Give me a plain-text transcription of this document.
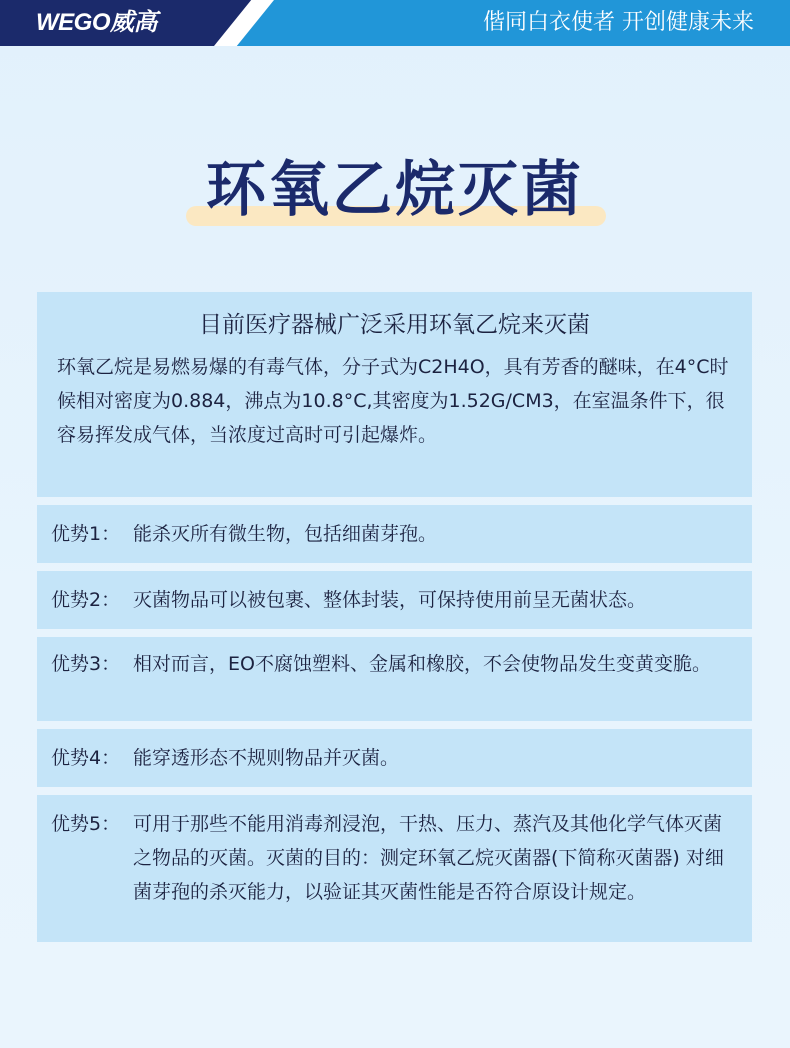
WEGO威高	偕同白衣使者 开创健康未来
环氧乙烷灭菌
目前医疗器械广泛采用环氧乙烷来灭菌
环氧乙烷是易燃易爆的有毒气体，分子式为C2H4O，具有芳香的醚味，在4°C时候相对密度为0.884，沸点为10.8°C,其密度为1.52G/CM3，在室温条件下，很容易挥发成气体，当浓度过高时可引起爆炸。
优势1： 能杀灭所有微生物，包括细菌芽孢。
优势2： 灭菌物品可以被包裹、整体封装，可保持使用前呈无菌状态。
优势3： 相对而言，EO不腐蚀塑料、金属和橡胶，不会使物品发生变黄变脆。
优势4： 能穿透形态不规则物品并灭菌。
优势5： 可用于那些不能用消毒剂浸泡，干热、压力、蒸汽及其他化学气体灭菌之物品的灭菌。灭菌的目的：测定环氧乙烷灭菌器(下简称灭菌器) 对细菌芽孢的杀灭能力，以验证其灭菌性能是否符合原设计规定。
